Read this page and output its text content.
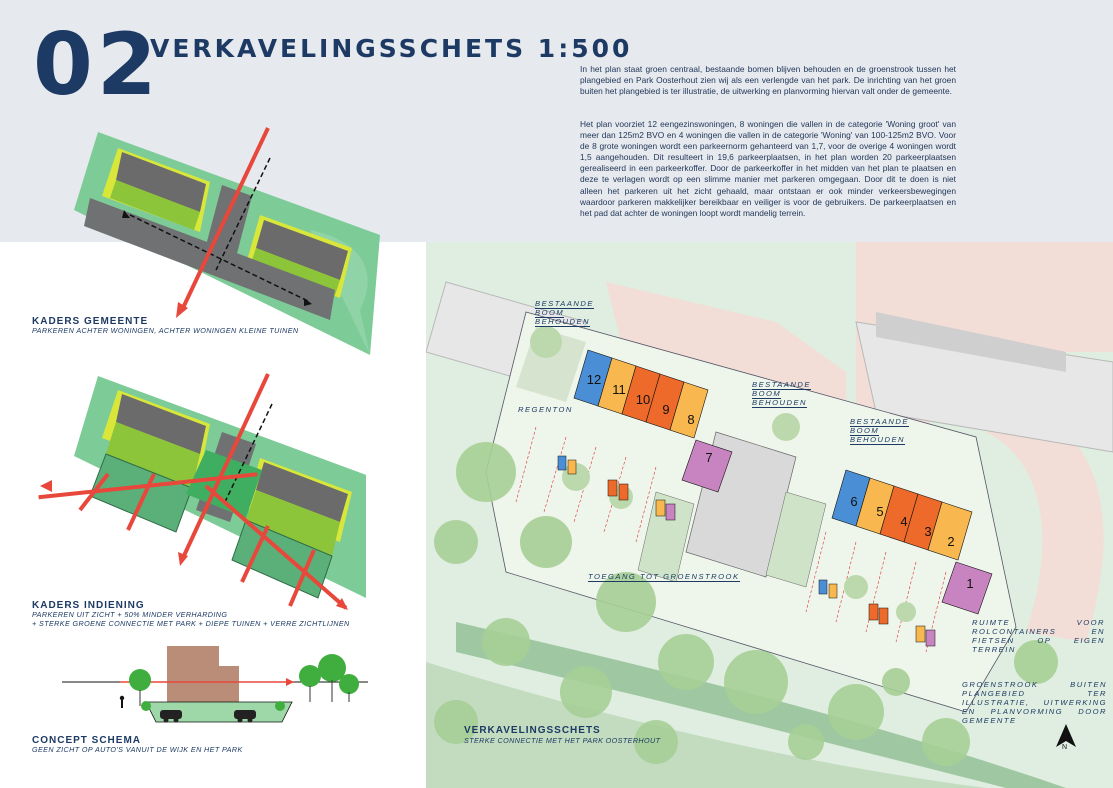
02
VERKAVELINGSSCHETS 1:500

In het plan staat groen centraal, bestaande bomen blijven behouden en de groenstrook tussen het plangebied en Park Oosterhout zien wij als een verlengde van het park. De inrichting van het groen buiten het plangebied is ter illustratie, de uitwerking en planvorming hiervan valt onder de gemeente.

Het plan voorziet 12 eengezinswoningen, 8 woningen die vallen in de categorie 'Woning groot' van meer dan 125m2 BVO en 4 woningen die vallen in de categorie 'Woning' van 100-125m2 BVO. Voor de 8 grote woningen wordt een parkeernorm gehanteerd van 1,7, voor de overige 4 woningen wordt 1,5 aangehouden. Dit resulteert in 19,6 parkeerplaatsen, in het plan worden 20 parkeerplaatsen gerealiseerd in een parkeerkoffer. Door de parkeerkoffer in het midden van het plan te plaatsen en deze te verlagen wordt op een slimme manier met parkeren omgegaan. Door dit te doen is niet alleen het parkeren uit het zicht gehaald, maar ontstaan er ook minder verkeersbewegingen waardoor parkeren makkelijker bereikbaar en veiliger is voor de gebruikers. De parkeerplaatsen en het pad dat achter de woningen loopt wordt mandelig terrein.

KADERS GEMEENTE
PARKEREN ACHTER WONINGEN, ACHTER WONINGEN KLEINE TUINEN
KADERS INDIENING
PARKEREN UIT ZICHT + 50% MINDER VERHARDING
+ STERKE GROENE CONNECTIE MET PARK + DIEPE TUINEN + VERRE ZICHTLIJNEN
CONCEPT SCHEMA
GEEN ZICHT OP AUTO'S VANUIT DE WIJK EN HET PARK
12
11
10
9
8
7
6
5
4
3
2
1
N
BESTAANDE BOOM BEHOUDEN
BESTAANDE BOOM BEHOUDEN
BESTAANDE BOOM BEHOUDEN
REGENTON
TOEGANG TOT GROENSTROOK
RUIMTE VOOR ROLCONTAINERS EN FIETSEN OP EIGEN TERREIN
GROENSTROOK BUITEN PLANGEBIED TER ILLUSTRATIE, UITWERKING EN PLANVORMING DOOR GEMEENTE
VERKAVELINGSSCHETS
STERKE CONNECTIE MET HET PARK OOSTERHOUT
